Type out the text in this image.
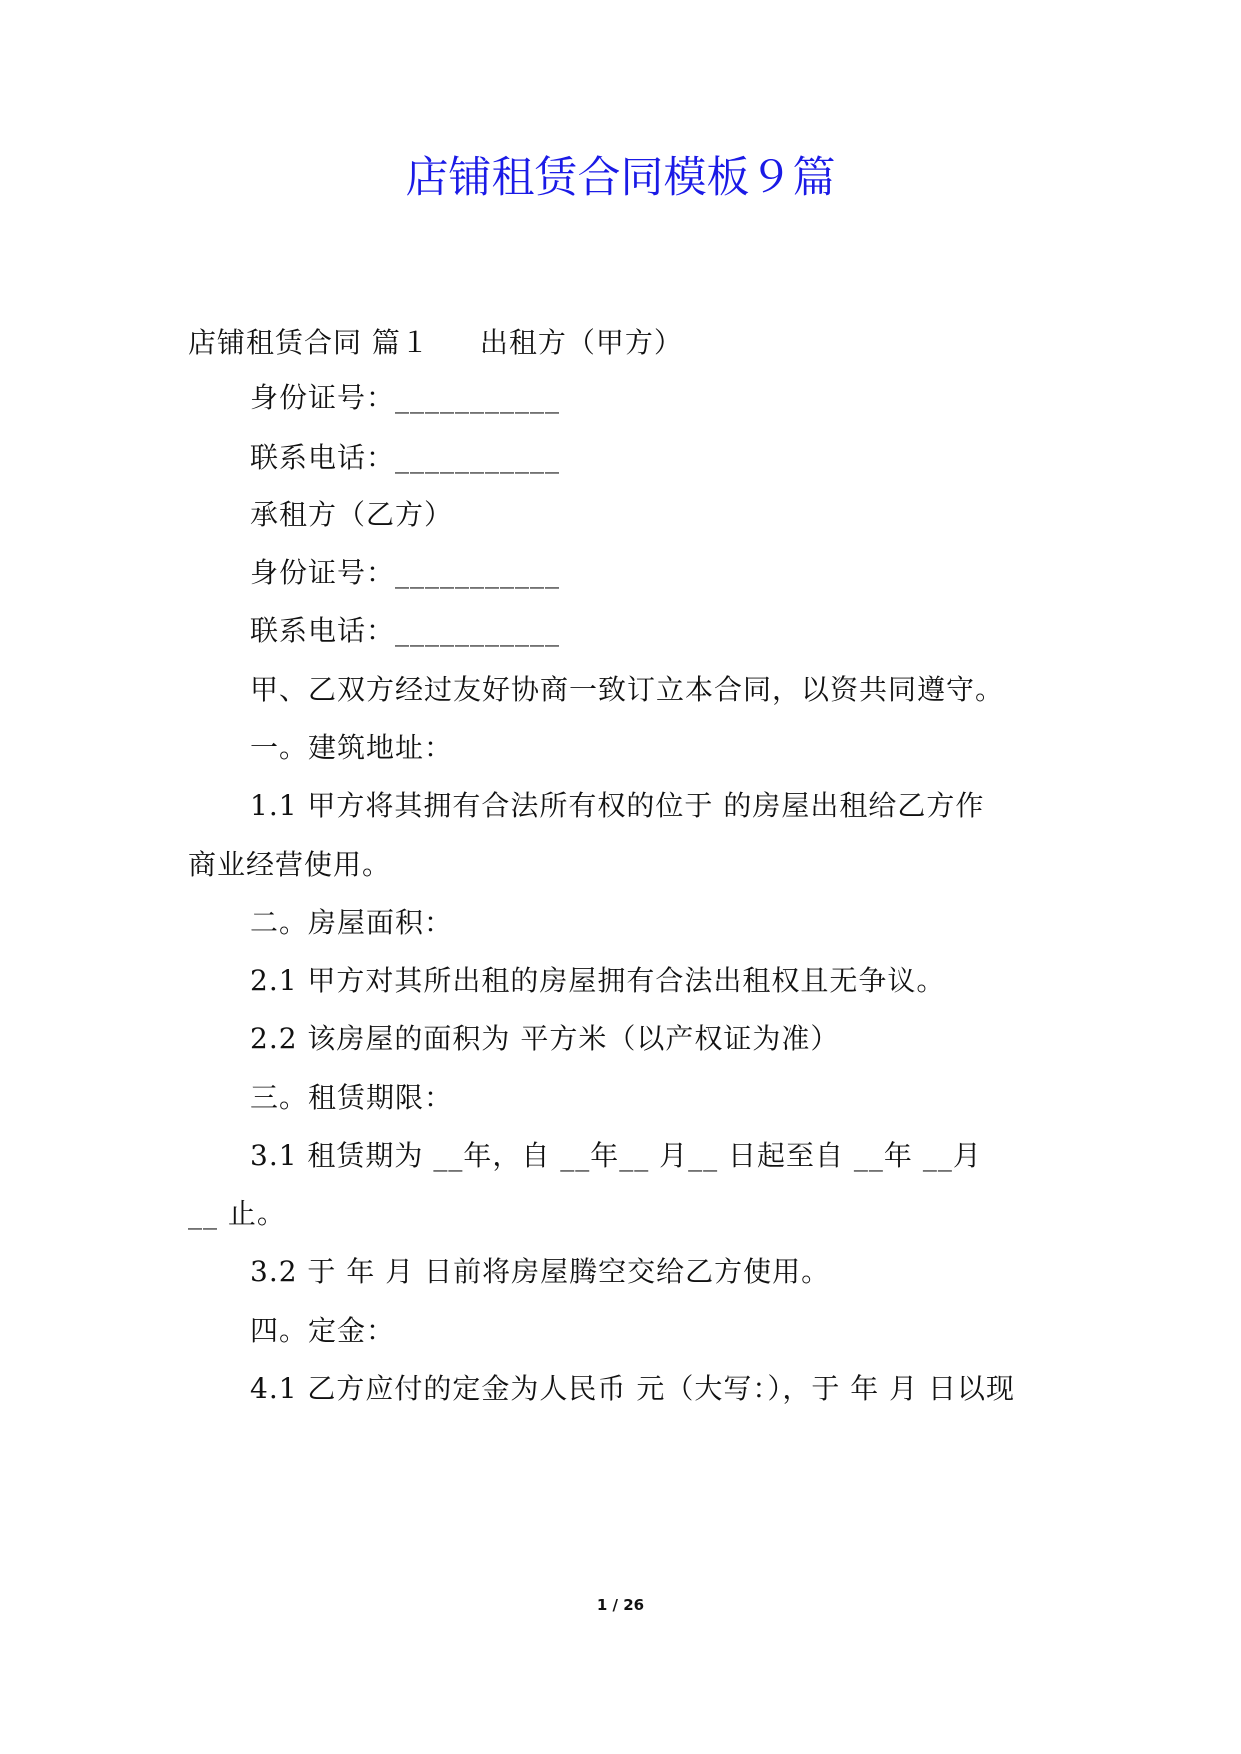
店铺租赁合同模板９篇
店铺租赁合同 篇１ 出租方（甲方）
身份证号：___________
联系电话：___________
承租方（乙方）
身份证号：___________
联系电话：___________
甲、乙双方经过友好协商一致订立本合同，以资共同遵守。
一。建筑地址：
1.1 甲方将其拥有合法所有权的位于 的房屋出租给乙方作
商业经营使用。
二。房屋面积：
2.1 甲方对其所出租的房屋拥有合法出租权且无争议。
2.2 该房屋的面积为 平方米（以产权证为准）
三。租赁期限：
3.1 租赁期为 __年，自 __年__ 月__ 日起至自 __年 __月
__ 止。
3.2 于 年 月 日前将房屋腾空交给乙方使用。
四。定金：
4.1 乙方应付的定金为人民币 元（大写：），于 年 月 日以现
1 / 26
